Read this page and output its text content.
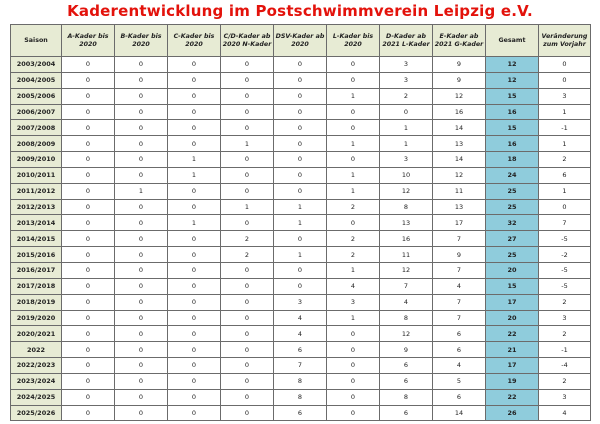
Kaderentwicklung im Postschwimmverein Leipzig e.V.
Saison	A-Kader bis 2020	B-Kader bis 2020	C-Kader bis 2020	C/D-Kader ab 2020 N-Kader	DSV-Kader ab 2020	L-Kader bis 2020	D-Kader ab 2021 L-Kader	E-Kader ab 2021 G-Kader	Gesamt	Veränderung zum Vorjahr
2003/2004	0	0	0	0	0	0	3	9	12	0
2004/2005	0	0	0	0	0	0	3	9	12	0
2005/2006	0	0	0	0	0	1	2	12	15	3
2006/2007	0	0	0	0	0	0	0	16	16	1
2007/2008	0	0	0	0	0	0	1	14	15	-1
2008/2009	0	0	0	1	0	1	1	13	16	1
2009/2010	0	0	1	0	0	0	3	14	18	2
2010/2011	0	0	1	0	0	1	10	12	24	6
2011/2012	0	1	0	0	0	1	12	11	25	1
2012/2013	0	0	0	1	1	2	8	13	25	0
2013/2014	0	0	1	0	1	0	13	17	32	7
2014/2015	0	0	0	2	0	2	16	7	27	-5
2015/2016	0	0	0	2	1	2	11	9	25	-2
2016/2017	0	0	0	0	0	1	12	7	20	-5
2017/2018	0	0	0	0	0	4	7	4	15	-5
2018/2019	0	0	0	0	3	3	4	7	17	2
2019/2020	0	0	0	0	4	1	8	7	20	3
2020/2021	0	0	0	0	4	0	12	6	22	2
2022	0	0	0	0	6	0	9	6	21	-1
2022/2023	0	0	0	0	7	0	6	4	17	-4
2023/2024	0	0	0	0	8	0	6	5	19	2
2024/2025	0	0	0	0	8	0	8	6	22	3
2025/2026	0	0	0	0	6	0	6	14	26	4
